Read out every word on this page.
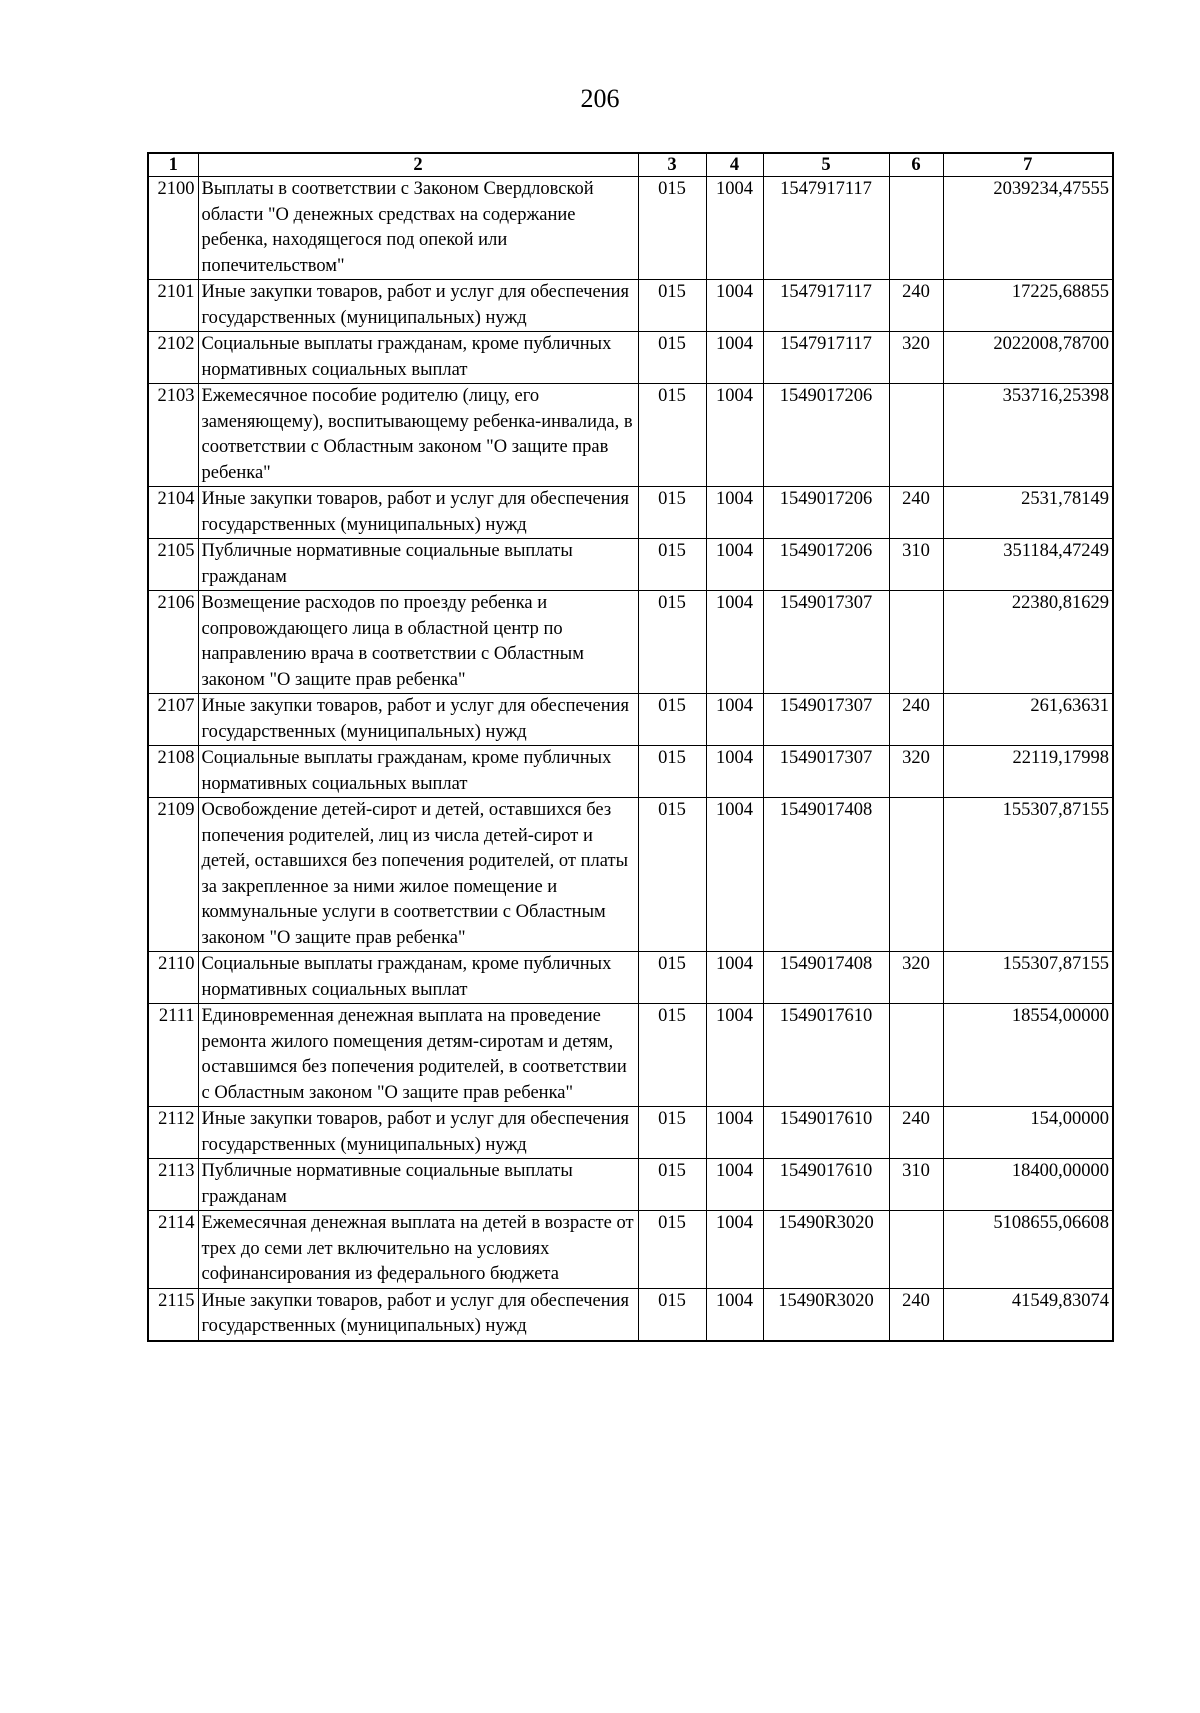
206
1	2	3	4	5	6	7
2100	Выплаты в соответствии с Законом Свердловской области "О денежных средствах на содержание ребенка, находящегося под опекой или попечительством"	015	1004	1547917117		2039234,47555
2101	Иные закупки товаров, работ и услуг для обеспечения государственных (муниципальных) нужд	015	1004	1547917117	240	17225,68855
2102	Социальные выплаты гражданам, кроме публичных нормативных социальных выплат	015	1004	1547917117	320	2022008,78700
2103	Ежемесячное пособие родителю (лицу, его заменяющему), воспитывающему ребенка-инвалида, в соответствии с Областным законом "О защите прав ребенка"	015	1004	1549017206		353716,25398
2104	Иные закупки товаров, работ и услуг для обеспечения государственных (муниципальных) нужд	015	1004	1549017206	240	2531,78149
2105	Публичные нормативные социальные выплаты гражданам	015	1004	1549017206	310	351184,47249
2106	Возмещение расходов по проезду ребенка и сопровождающего лица в областной центр по направлению врача в соответствии с Областным законом "О защите прав ребенка"	015	1004	1549017307		22380,81629
2107	Иные закупки товаров, работ и услуг для обеспечения государственных (муниципальных) нужд	015	1004	1549017307	240	261,63631
2108	Социальные выплаты гражданам, кроме публичных нормативных социальных выплат	015	1004	1549017307	320	22119,17998
2109	Освобождение детей-сирот и детей, оставшихся без попечения родителей, лиц из числа детей-сирот и детей, оставшихся без попечения родителей, от платы за закрепленное за ними жилое помещение и коммунальные услуги в соответствии с Областным законом "О защите прав ребенка"	015	1004	1549017408		155307,87155
2110	Социальные выплаты гражданам, кроме публичных нормативных социальных выплат	015	1004	1549017408	320	155307,87155
2111	Единовременная денежная выплата на проведение ремонта жилого помещения детям-сиротам и детям, оставшимся без попечения родителей, в соответствии с Областным законом "О защите прав ребенка"	015	1004	1549017610		18554,00000
2112	Иные закупки товаров, работ и услуг для обеспечения государственных (муниципальных) нужд	015	1004	1549017610	240	154,00000
2113	Публичные нормативные социальные выплаты гражданам	015	1004	1549017610	310	18400,00000
2114	Ежемесячная денежная выплата на детей в возрасте от трех до семи лет включительно на условиях софинансирования из федерального бюджета	015	1004	15490R3020		5108655,06608
2115	Иные закупки товаров, работ и услуг для обеспечения государственных (муниципальных) нужд	015	1004	15490R3020	240	41549,83074
